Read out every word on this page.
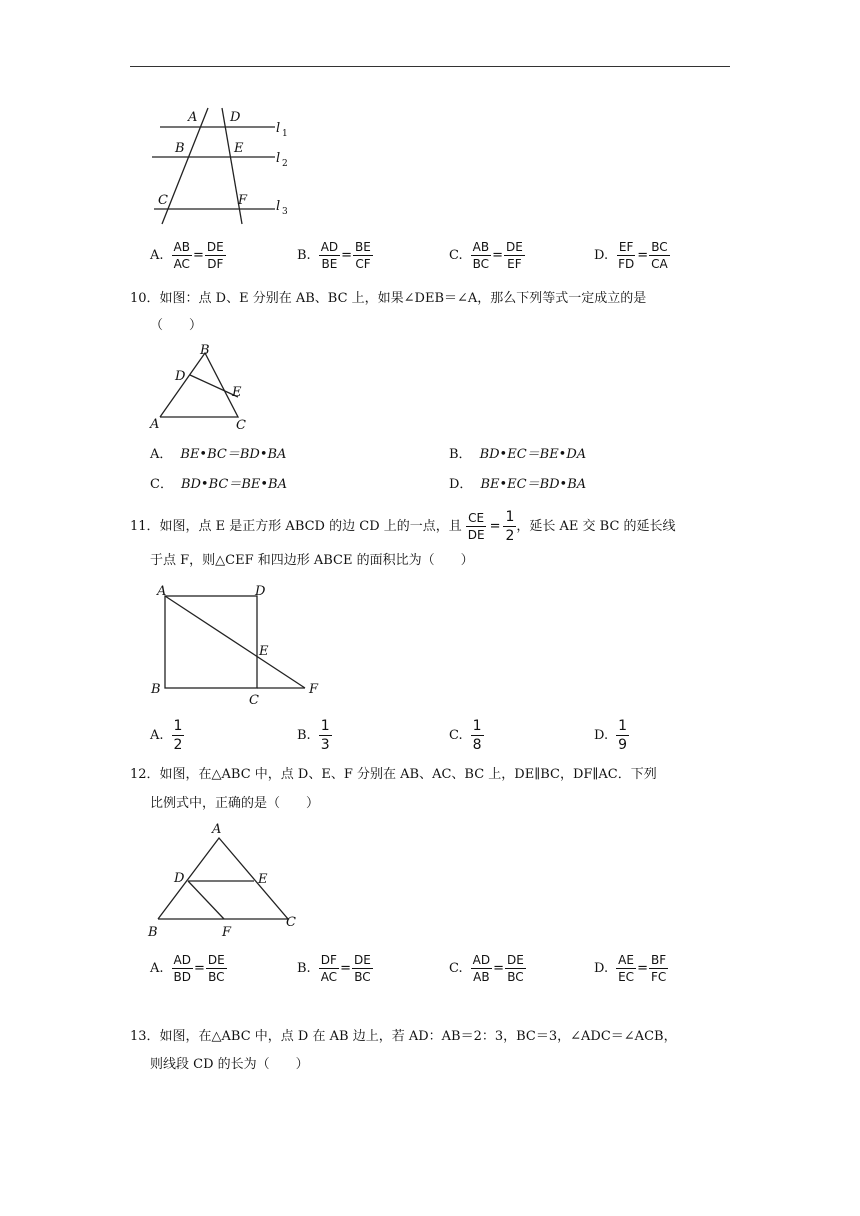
A	D
B	E
C	F
l 1
l 2
l 3
A. $\frac{AB}{AC} = \frac{DE}{DF}$	B. $\frac{AD}{BE} = \frac{BE}{CF}$	C. $\frac{AB}{BC} = \frac{DE}{EF}$	D. $\frac{EF}{FD} = \frac{BC}{CA}$
10．如图：点 D、E 分别在 AB、BC 上，如果∠DEB＝∠A，那么下列等式一定成立的是
（　　）
B
D
E
A	C
A． BE•BC＝BD•BA	B． BD•EC＝BE•DA
C． BD•BC＝BE•BA	D． BE•EC＝BD•BA
11．如图，点 E 是正方形 ABCD 的边 CD 上的一点，且 $\frac{CE}{DE} = \frac{1}{2}$ ，延长 AE 交 BC 的延长线
于点 F，则△CEF 和四边形 ABCE 的面积比为（　　）
A	D
E
B
C
F
A. $\frac{1}{2}$	B. $\frac{1}{3}$	C. $\frac{1}{8}$	D. $\frac{1}{9}$
12．如图，在△ABC 中，点 D、E、F 分别在 AB、AC、BC 上，DE∥BC，DF∥AC．下列
比例式中，正确的是（　　）
A
D	E
B	F
C
A. $\frac{AD}{BD} = \frac{DE}{BC}$	B. $\frac{DF}{AC} = \frac{DE}{BC}$	C. $\frac{AD}{AB} = \frac{DE}{BC}$	D. $\frac{AE}{EC} = \frac{BF}{FC}$
13．如图，在△ABC 中，点 D 在 AB 边上，若 AD：AB＝2：3，BC＝3，∠ADC＝∠ACB，
则线段 CD 的长为（　　）
